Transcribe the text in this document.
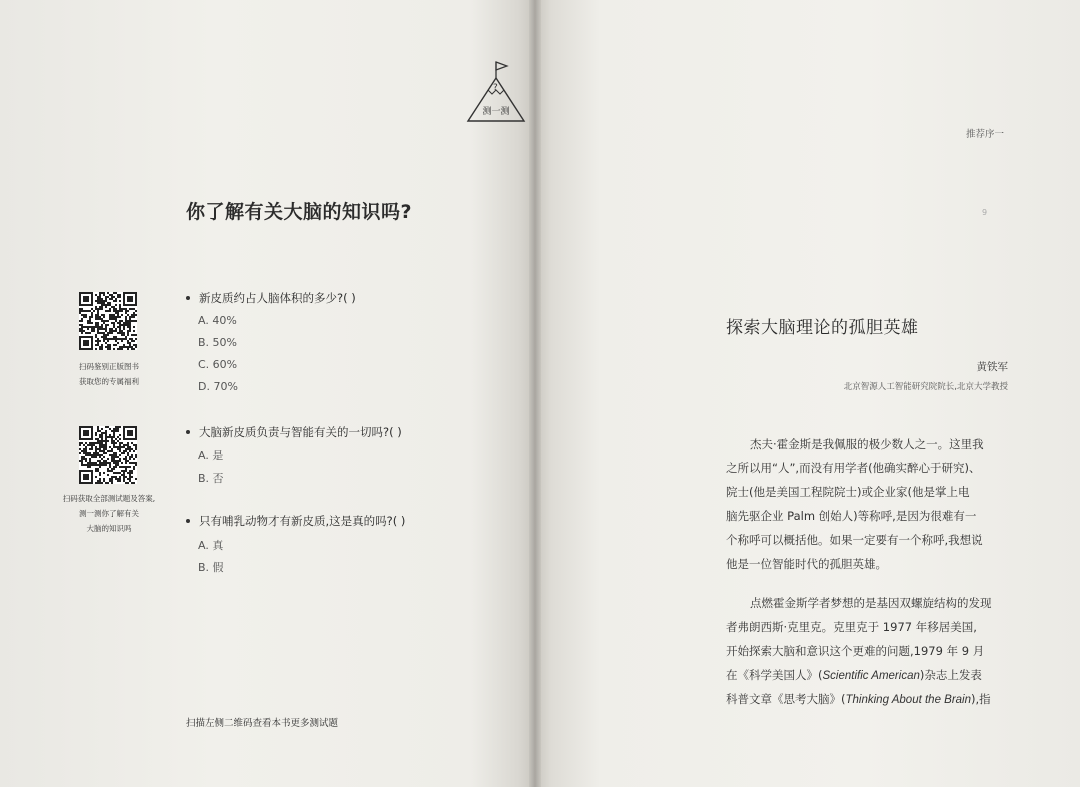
?
测一测
你了解有关大脑的知识吗?
扫码鉴别正版图书
获取您的专属福利
扫码获取全部测试题及答案,
测一测你了解有关
大脑的知识吗
新皮质约占人脑体积的多少?( )
A. 40%
B. 50%
C. 60%
D. 70%
大脑新皮质负责与智能有关的一切吗?( )
A. 是
B. 否
只有哺乳动物才有新皮质,这是真的吗?( )
A. 真
B. 假
扫描左侧二维码查看本书更多测试题
推荐序一
9
探索大脑理论的孤胆英雄
黄铁军
北京智源人工智能研究院院长,北京大学教授
杰夫·霍金斯是我佩服的极少数人之一。这里我
之所以用“人”,而没有用学者(他确实醉心于研究)、
院士(他是美国工程院院士)或企业家(他是掌上电
脑先驱企业 Palm 创始人)等称呼,是因为很难有一
个称呼可以概括他。如果一定要有一个称呼,我想说
他是一位智能时代的孤胆英雄。
点燃霍金斯学者梦想的是基因双螺旋结构的发现
者弗朗西斯·克里克。克里克于 1977 年移居美国,
开始探索大脑和意识这个更难的问题,1979 年 9 月
在《科学美国人》(Scientific American)杂志上发表
科普文章《思考大脑》(Thinking About the Brain),指
